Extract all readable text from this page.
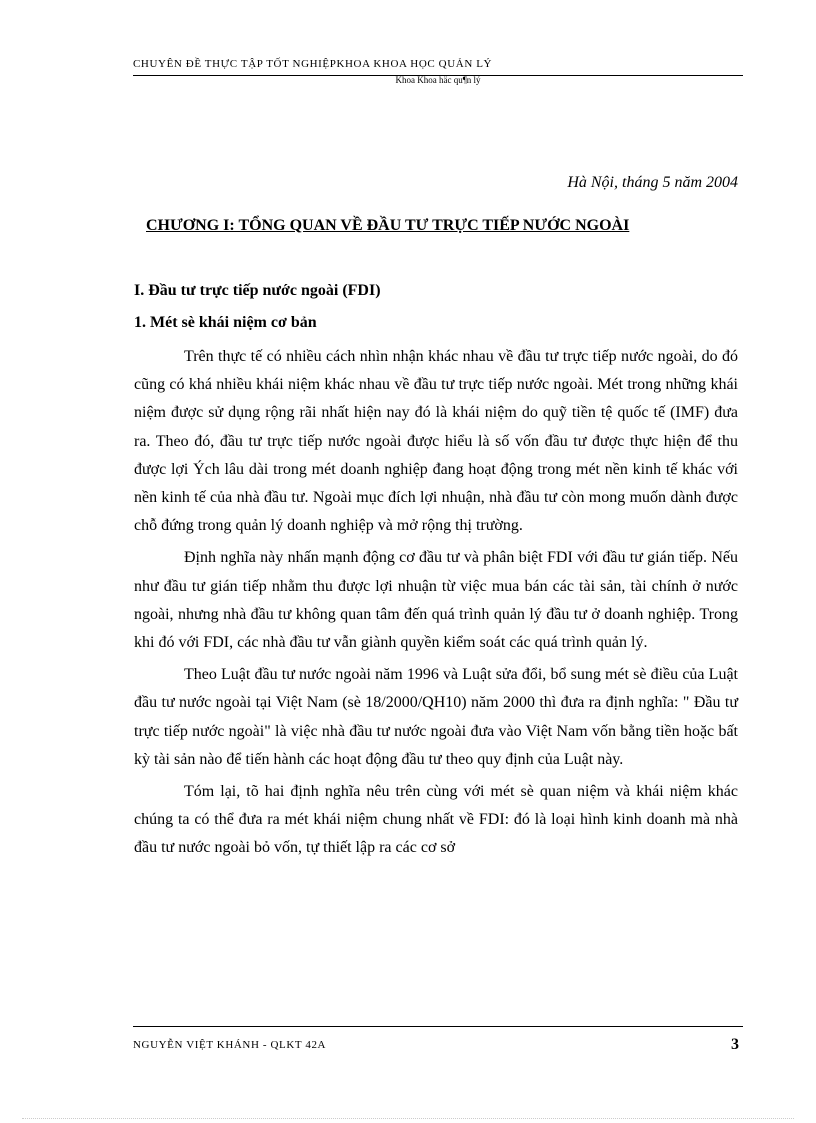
CHUYÊN ĐỀ THỰC TẬP TỐT NGHIỆPKHOA KHOA HỌC QUẢN LÝ
Khoa Khoa häc qu¶n lý
Hà Nội, tháng 5 năm 2004
CHƯƠNG I: TỔNG QUAN VỀ ĐẦU TƯ TRỰC TIẾP NƯỚC NGOÀI
I. Đầu tư trực tiếp nước ngoài (FDI)
1. Mét sè khái niệm cơ bản

Trên thực tế có nhiều cách nhìn nhận khác nhau về đầu tư trực tiếp nước ngoài, do đó cũng có khá nhiều khái niệm khác nhau về đầu tư trực tiếp nước ngoài. Mét trong những khái niệm được sử dụng rộng rãi nhất hiện nay đó là khái niệm do quỹ tiền tệ quốc tế (IMF) đưa ra. Theo đó, đầu tư trực tiếp nước ngoài được hiểu là số vốn đầu tư được thực hiện để thu được lợi Ých lâu dài trong mét doanh nghiệp đang hoạt động trong mét nền kinh tế khác với nền kinh tế của nhà đầu tư. Ngoài mục đích lợi nhuận, nhà đầu tư còn mong muốn dành được chỗ đứng trong quản lý doanh nghiệp và mở rộng thị trường.

Định nghĩa này nhấn mạnh động cơ đầu tư và phân biệt FDI với đầu tư gián tiếp. Nếu như đầu tư gián tiếp nhằm thu được lợi nhuận từ việc mua bán các tài sản, tài chính ở nước ngoài, nhưng nhà đầu tư không quan tâm đến quá trình quản lý đầu tư ở doanh nghiệp. Trong khi đó với FDI, các nhà đầu tư vẫn giành quyền kiểm soát các quá trình quản lý.

Theo Luật đầu tư nước ngoài năm 1996 và Luật sửa đổi, bổ sung mét sè điều của Luật đầu tư nước ngoài tại Việt Nam (sè 18/2000/QH10) năm 2000 thì đưa ra định nghĩa: " Đầu tư trực tiếp nước ngoài" là việc nhà đầu tư nước ngoài đưa vào Việt Nam vốn bằng tiền hoặc bất kỳ tài sản nào để tiến hành các hoạt động đầu tư theo quy định của Luật này.

Tóm lại, tõ hai định nghĩa nêu trên cùng với mét sè quan niệm và khái niệm khác chúng ta có thể đưa ra mét khái niệm chung nhất về FDI: đó là loại hình kinh doanh mà nhà đầu tư nước ngoài bỏ vốn, tự thiết lập ra các cơ sở

NGUYỄN VIỆT KHÁNH - QLKT 42A	3
